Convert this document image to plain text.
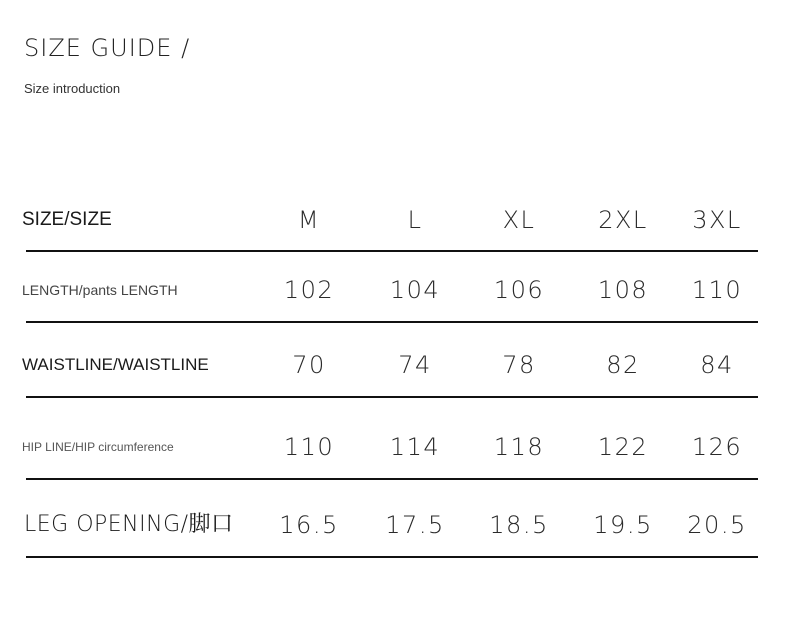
SIZE GUIDE /
Size introduction
SIZE/SIZE	M	L	XL	2XL	3XL
LENGTH/pants LENGTH	102	104	106	108	110
WAISTLINE/WAISTLINE	70	74	78	82	84
HIP LINE/HIP circumference	110	114	118	122	126
LEG OPENING/脚口	16.5	17.5	18.5	19.5	20.5
